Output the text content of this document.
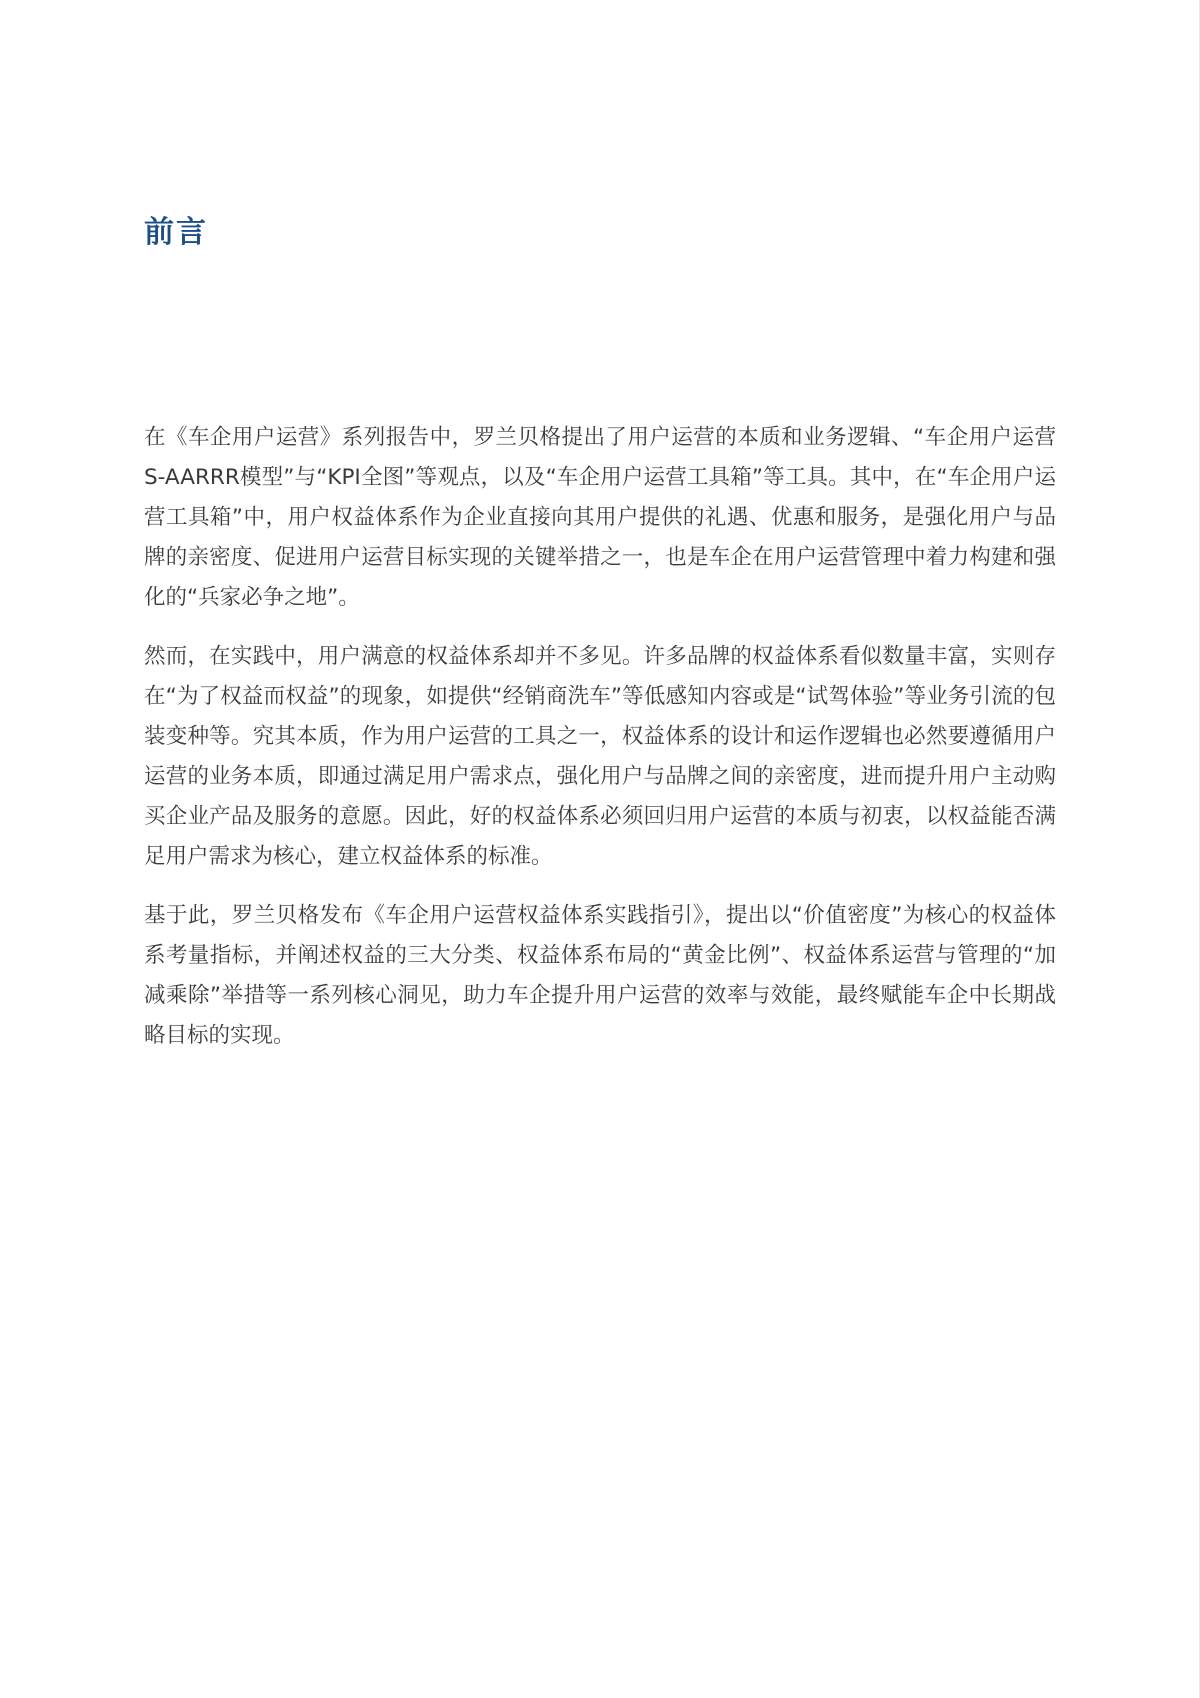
前言

在《车企用户运营》系列报告中，罗兰贝格提出了用户运营的本质和业务逻辑、“车企用户运营S-AARRR模型”与“KPI全图”等观点，以及“车企用户运营工具箱”等工具。其中，在“车企用户运营工具箱”中，用户权益体系作为企业直接向其用户提供的礼遇、优惠和服务，是强化用户与品牌的亲密度、促进用户运营目标实现的关键举措之一，也是车企在用户运营管理中着力构建和强化的“兵家必争之地”。

然而，在实践中，用户满意的权益体系却并不多见。许多品牌的权益体系看似数量丰富，实则存在“为了权益而权益”的现象，如提供“经销商洗车”等低感知内容或是“试驾体验”等业务引流的包装变种等。究其本质，作为用户运营的工具之一，权益体系的设计和运作逻辑也必然要遵循用户运营的业务本质，即通过满足用户需求点，强化用户与品牌之间的亲密度，进而提升用户主动购买企业产品及服务的意愿。因此，好的权益体系必须回归用户运营的本质与初衷，以权益能否满足用户需求为核心，建立权益体系的标准。

基于此，罗兰贝格发布《车企用户运营权益体系实践指引》，提出以“价值密度”为核心的权益体系考量指标，并阐述权益的三大分类、权益体系布局的“黄金比例”、权益体系运营与管理的“加减乘除”举措等一系列核心洞见，助力车企提升用户运营的效率与效能，最终赋能车企中长期战略目标的实现。
